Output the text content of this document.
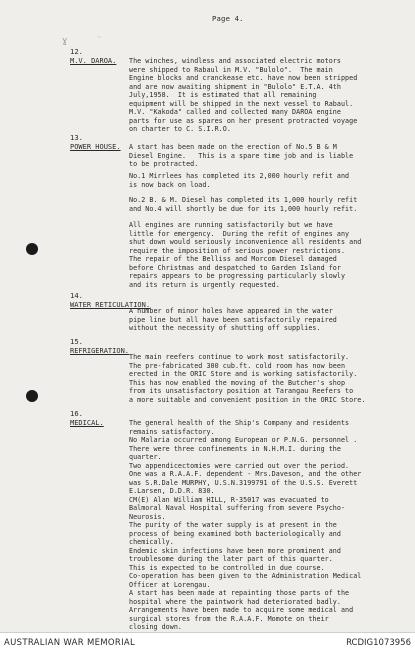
ɣ	ᵕ
Page 4.
12.
M.V. DAROA. The winches, windless and associated electric motors
were shipped to Rabaul in M.V. "Bulolo".  The main
Engine blocks and cranckease etc. have now been stripped
and are now awaiting shipment in "Bulolo" E.T.A. 4th
July,1958.  It is estimated that all remaining
equipment will be shipped in the next vessel to Rabaul.
M.V. "Kakoda" called and collected many DAROA engine
parts for use as spares on her present protracted voyage
on charter to C. S.I.R.O.
13.
POWER HOUSE. A start has been made on the erection of No.5 B & M
Diesel Engine.   This is a spare time job and is liable
to be protracted.
No.1 Mirrlees has completed its 2,000 hourly refit and
is now back on load.
No.2 B. & M. Diesel has completed its 1,000 hourly refit
and No.4 will shortly be due for its 1,000 hourly refit.
All engines are running satisfactorily but we have
little for emergency.  During the refit of engines any
shut down would seriously inconvenience all residents and
require the imposition of serious power restrictions.
The repair of the Belliss and Morcom Diesel damaged
before Christmas and despatched to Garden Island for
repairs appears to be progressing particularly slowly
and its return is urgently requested.
14.
WATER RETICULATION.
A number of minor holes have appeared in the water
pipe line but all have been satisfactorily repaired
without the necessity of shutting off supplies.
15.
REFRIGERATION.
The main reefers continue to work most satisfactorily.
The pre-fabricated 300 cub.ft. cold room has now been
erected in the ORIC Store and is working satisfactorily.
This has now enabled the moving of the Butcher's shop
from its unsatisfactory position at Tarangau Reefers to
a more suitable and convenient position in the ORIC Store.
16.
MEDICAL.	The general health of the Ship's Company and residents
remains satisfactory.
No Malaria occurred among European or P.N.G. personnel .
There were three confinements in N.H.M.I. during the
quarter.
Two appendicectomies were carried out over the period.
One was a R.A.A.F. dependent - Mrs.Daveson, and the other
was S.R.Dale MURPHY, U.S.N.3199791 of the U.S.S. Everett
E.Larsen, D.D.R. 830.
CM(E) Alan William HILL, R-35017 was evacuated to
Balmoral Naval Hospital suffering from severe Psycho-
Neurosis.
The purity of the water supply is at present in the
process of being examined both bacteriologically and
chemically.
Endemic skin infections have been more prominent and
troublesome during the later part of this quarter.
This is expected to be controlled in due course.
Co-operation has been given to the Administration Medical
Officer at Lorengau.
A start has been made at repainting those parts of the
hospital where the paintwork had deteriorated badly.
Arrangements have been made to acquire some medical and
surgical stores from the R.A.A.F. Momote on their
closing down.
AUSTRALIAN WAR MEMORIAL	RCDIG1073956
